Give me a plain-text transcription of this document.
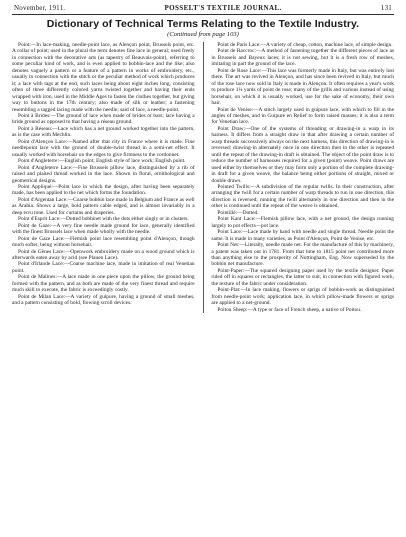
November, 1911.	POSSELT'S TEXTILE JOURNAL.	131
Dictionary of Technical Terms Relating to the Textile Industry.
(Continued from page 103)

Point:—In lace-making, needle-point lace, as Alençon point, Brussels point, etc. A collar of point; used in the plural the term denotes fine lace in general; used freely in connection with the decorative arts (as tapestry of Beauvais-point), referring to some peculiar kind of work, and is even applied to bobbin-lace and the like; also denotes vaguely a pattern or a feature of a pattern in works of embroidery, etc., usually in connection with the stitch or the peculiar method of work which produces it; a lace with tags at the end, such laces being about eight inches long, consisting often of three differently colored yarns twisted together and having their ends wrapped with iron, used in the Middle Ages to fasten the clothes together, but giving way to buttons in the 17th century; also made of silk or leather; a fastening resembling a tagged lacing made with the needle; said of lace, a needle-point.

Point à Brides:—The ground of lace when made of brides or bars; lace having a bride ground as opposed to that having a réseau ground.

Point à Réseau:—Lace which has a net ground worked together into the pattern, as is the case with Mechlin.

Point d'Alençon Lace:—Named after that city in France where it is made. Fine needlepoint lace with the ground of double-twist thread in a semi-net effect. It usually worked with horsehair on the edges to give firmness to the cordonnet.

Point d'Angleterre:—English point; English style of lace work; English point.

Point d'Angleterre Lace:—Fine Brussels pillow lace, distinguished by a rib of raised and plaited thread worked in the lace. Shown in floral, ornithological and geometrical designs.

Point Appliqué:—Point lace in which the design, after having been separately made, has been applied to the net which forms the foundation.

Point d'Argentan Lace:—Coarse bobbin lace made in Belgium and France as well as Arabia. Shows a large, bold pattern cable edged, and is almost invariably in a deep ecru tone. Used for curtains and draperies.

Point d'Esprit Lace:—Dotted bobbinet with the dots either singly or in clusters.

Point de Gaze:—A very fine needle made ground for lace, generally identified with the finest Brussels lace when made wholly with the needle.

Point de Gaze Lace:—Flemish point lace resembling point d'Alençon, though much softer, being without horsehair.

Point de Gênes Lace:—Openwork embroidery made on a wood ground which is afterwards eaten away by acid (see Plauen Lace).

Point d'Irlande Lace:—Coarse machine lace, made in imitation of real Venetian point.

Point de Malines:—A lace made in one piece upon the pillow, the ground being formed with the pattern, and as both are made of the very finest thread and require much skill to execute, the fabric is exceedingly costly.

Point de Milan Lace:—A variety of guipure, having a ground of small meshes, and a pattern consisting of bold, flowing scroll devices.

Point de Paris Lace:—A variety of cheap, cotton, machine lace, of simple design.

Point de Raccroc:—A method of fastening together the different pieces of lace as in Brussels and Bayeux laces; it is not sewing, but it is a fresh row of meshes, imitating in part the ground of the lace.

Point de Rose Lace:—This lace was formerly made in Italy, but was entirely lost there. The art was revived in Alençon, and has since been revived in Italy, but much of the rose lace now sold in Italy is made in Alençon. It often requires a year's work to produce 1¼ yards of point de rose; many of the grills and various instead of using horsehair, on which it is usually worked, use for the sake of economy, their own hair.

Point de Venise:—A stitch largely used in guipure lace, with which to fill in the angles of meshes, and in Guipure en Relief to form raised masses; it is also a term for Venetian lace.

Point Draw:—One of the systems of threading or drawing-in a warp in its harness. It differs from a straight draw in that after drawing a certain number of warp threads successively always on the next harness, this direction of drawing-in is reversed; drawing-in alternately once in one direction then in the other is repeated until the repeat of the drawing-in draft is obtained. The object of the point draw is to reduce the number of harnesses required for a given (point) weave. Point draws are used either by themselves or they may form only a portion of the complete drawing-in draft for a given weave, the balance being either portions of straight, mixed or double draws.

Pointed Twills:—A subdivision of the regular twills. In their construction, after arranging the twill for a certain number of warp threads to run in one direction, this direction is reversed; running the twill alternately in one direction and then in the other is continued until the repeat of the weave is obtained.

Pointillé:—Dotted.

Point Kant Lace:—Flemish pillow lace, with a net ground, the design running largely to pot effects—pot lace.

Point Lace:—Lace made by hand with needle and single thread. Needle point the same. It is made in many varieties, as Point d'Alençon, Point de Venise, etc.

Point Net:—Literally, needle made net. For the manufacture of this by machinery, a patent was taken out in 1781. From that time to 1815 point net contributed more than anything else to the prosperity of Nottingham, Eng. Now superseded by the bobbin net manufacture.

Point-Paper:—The squared designing paper used by the textile designer. Paper ruled off in squares or rectangles, the latter to suit, in connection with figured work, the texture of the fabric under consideration.

Point-Plat:—In lace making, flowers or sprigs of bobbin-work as distinguished from needle-point work; application lace, in which pillow-made flowers or sprigs are applied to a net-ground.

Poitou Sheep:—A type or face of French sheep, a native of Poitou.
